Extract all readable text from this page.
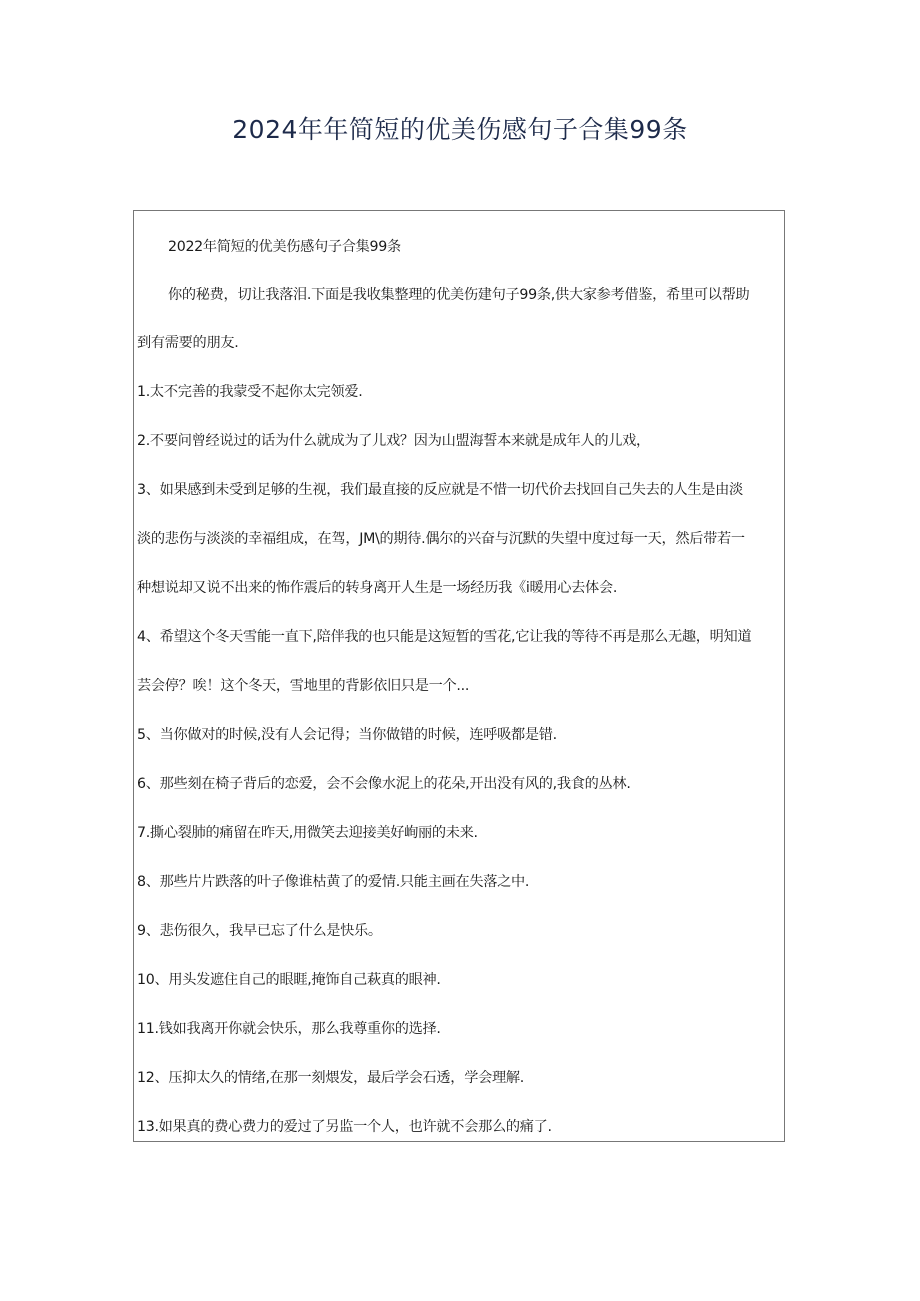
2024年年简短的优美伤感句子合集99条

2022年简短的优美伤感句子合集99条

你的秘费，切让我落泪.下面是我收集整理的优美伤建句子99条,供大家参考借鉴，希里可以帮助

到有需要的朋友.

1.太不完善的我蒙受不起你太完领爱.

2.不要问曾经说过的话为什么就成为了儿戏？因为山盟海誓本来就是成年人的儿戏，

3、如果感到未受到足够的生视，我们最直接的反应就是不惜一切代价去找回自己失去的人生是由淡

淡的悲伤与淡淡的幸福组成，在驾，JM\的期待.偶尔的兴奋与沉默的失望中度过每一天，然后带若一

种想说却又说不出来的怖作震后的转身离开人生是一场经历我《i暖用心去体会.

4、希望这个冬天雪能一直下,陪伴我的也只能是这短暂的雪花,它让我的等待不再是那么无趣，明知道

芸会停？唉！这个冬天，雪地里的背影依旧只是一个...

5、当你做对的时候,没有人会记得；当你做错的时候，连呼吸都是错.

6、那些刻在椅子背后的恋爱，会不会像水泥上的花朵,开出没有风的,我食的丛林.

7.撕心裂肺的痛留在昨天,用微笑去迎接美好峋丽的未来.

8、那些片片跌落的叶子像谁枯黄了的爱情.只能主画在失落之中.

9、悲伤很久，我早已忘了什么是快乐。

10、用头发遮住自己的眼睚,掩饰自己萩真的眼神.

11.钱如我离开你就会快乐，那么我尊重你的选择.

12、压抑太久的情绪,在那一刻煨发，最后学会石透，学会理解.

13.如果真的费心费力的爱过了另监一个人，也许就不会那么的痛了.
